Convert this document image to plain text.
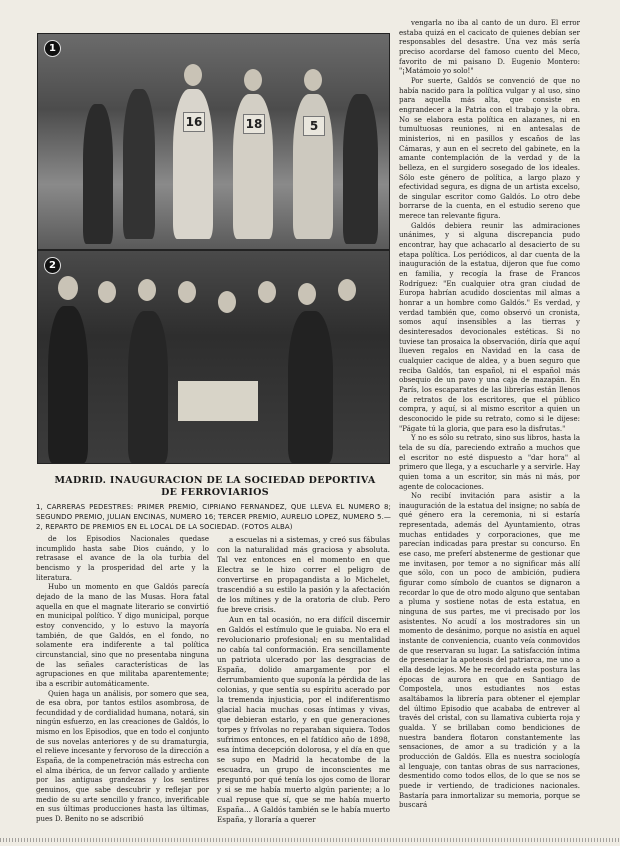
1
16	18	5
2
MADRID. INAUGURACION DE LA SOCIEDAD DEPORTIVA DE FERROVIARIOS
1, CARRERAS PEDESTRES: PRIMER PREMIO, CIPRIANO FERNANDEZ, QUE LLEVA EL NUMERO 8; SEGUNDO PREMIO, JULIAN ENCINAS, NUMERO 16; TERCER PREMIO, AURELIO LOPEZ, NUMERO 5.—2, REPARTO DE PREMIOS EN EL LOCAL DE LA SOCIEDAD. (FOTOS ALBA)

de los Episodios Nacionales quedase incumplido hasta sabe Dios cuándo, y lo retrasase el avance de la ola turbia del bencismo y la prosperidad del arte y la literatura.

Hubo un momento en que Galdós parecía dejado de la mano de las Musas. Hora fatal aquella en que el magnate literario se convirtió en municipal político. Y digo municipal, porque estoy convencido, y lo estuvo la mayoría también, de que Galdós, en el fondo, no solamente era indiferente a tal política circunstancial, sino que no presentaba ninguna de las señales características de las agrupaciones en que militaba aparentemente; iba a escribir automáticamente.

Quien haga un análisis, por somero que sea, de esa obra, por tantos estilos asombrosa, de fecundidad y de cordialidad humana, notará, sin ningún esfuerzo, en las creaciones de Galdós, lo mismo en los Episodios, que en todo el conjunto de sus novelas anteriores y de su dramaturgia, el relieve incesante y fervoroso de la dirección a España, de la compenetración más estrecha con el alma ibérica, de un fervor callado y ardiente por las antiguas grandezas y los sentires genuinos, que sabe descubrir y reflejar por medio de su arte sencillo y franco, inverificable en sus últimas producciones hasta las últimas, pues D. Benito no se adscribió

a escuelas ni a sistemas, y creó sus fábulas con la naturalidad más graciosa y absoluta. Tal vez entonces en el momento en que Electra se le hizo correr el peligro de convertirse en propagandista a lo Michelet, trascendió a su estilo la pasión y la afectación de los mítines y de la oratoria de club. Pero fue breve crisis.

Aun en tal ocasión, no era difícil discernir en Galdós el estímulo que le guiaba. No era el revolucionario profesional; en su mentalidad no cabía tal conformación. Era sencillamente un patriota ulcerado por las desgracias de España, dolido amargamente por el derrumbamiento que suponía la pérdida de las colonias, y que sentía su espíritu acerado por la tremenda injusticia, por el indiferentismo glacial hacia muchas cosas íntimas y vivas, que debieran estarlo, y en que generaciones torpes y frívolas no reparaban siquiera. Todos sufrimos entonces, en el fatídico año de 1898, esa íntima decepción dolorosa, y el día en que se supo en Madrid la hecatombe de la escuadra, un grupo de inconscientes me preguntó por qué tenía los ojos como de llorar y si se me había muerto algún pariente; a lo cual repuse que sí, que se me había muerto España... A Galdós también se le había muerto España, y lloraría a querer

vengarla no iba al canto de un duro. El error estaba quizá en el cacicato de quienes debían ser responsables del desastre. Una vez más sería preciso acordarse del famoso cuento del Meco, favorito de mi paisano D. Eugenio Montero: "¡Matámoio yo solo!"

Por suerte, Galdós se convenció de que no había nacido para la política vulgar y al uso, sino para aquella más alta, que consiste en engrandecer a la Patria con el trabajo y la obra. No se elabora esta política en alazanes, ni en tumultuosas reuniones, ni en antesalas de ministerios, ni en pasillos y escaños de las Cámaras, y aun en el secreto del gabinete, en la amante contemplación de la verdad y de la belleza, en el surgidero sosegado de los ideales. Sólo este género de política, a largo plazo y efectividad segura, es digna de un artista excelso, de singular escritor como Galdós. Lo otro debe borrarse de la cuenta, en el estudio sereno que merece tan relevante figura.

Galdós debiera reunir las admiraciones unánimes, y si alguna discrepancia pudo encontrar, hay que achacarlo al desacierto de su etapa política. Los periódicos, al dar cuenta de la inauguración de la estatua, dijeron que fue como en familia, y recogía la frase de Francos Rodríguez: "En cualquier otra gran ciudad de Europa habrían acudido doscientas mil almas a honrar a un hombre como Galdós." Es verdad, y verdad también que, como observó un cronista, somos aquí insensibles a las tierras y desinteresados devocionales estéticas. Si no tuviese tan prosaica la observación, diría que aquí llueven regalos en Navidad en la casa de cualquier cacique de aldea, y a buen seguro que reciba Galdós, tan español, ni el español más obsequio de un pavo y una caja de mazapán. En París, los escaparates de las librerías están llenos de retratos de los escritores, que el público compra, y aquí, si al mismo escritor a quien un desconocido le pide su retrato, como si le dijese: "Págate tú la gloria, que para eso la disfrutas."

Y no es sólo su retrato, sino sus libros, hasta la tela de su día, pareciendo extraño a muchos que el escritor no esté dispuesto a "dar hora" al primero que llega, y a escucharle y a servirle. Hay quien toma a un escritor, sin más ni más, por agente de colocaciones.

No recibí invitación para asistir a la inauguración de la estatua del insigne; no sabía de qué género era la ceremonia, ni si estaría representada, además del Ayuntamiento, otras muchas entidades y corporaciones, que me parecían indicadas para prestar su concurso. En ese caso, me preferí abstenerme de gestionar que me invitasen, por temor a no significar más allí que sólo, con un poco de ambición, pudiera figurar como símbolo de cuantos se dignaron a recordar lo que de otro modo alguno que sentaban a pluma y sostiene notas de esta estatua, en ninguna de sus partes, me vi precisado por los asistentes. No acudí a los mostradores sin un momento de desánimo, porque no asistía en aquel instante de conveniencia, cuanto veía conmovidos de que reservaran su lugar. La satisfacción íntima de presenciar la apoteosis del patriarca, me uno a ella desde lejos. Me he recordado esta postura las épocas de aurora en que en Santiago de Compostela, unos estudiantes nos estas asaltábamos la librería para obtener el ejemplar del último Episodio que acababa de entrever al través del cristal, con su llamativa cubierta roja y gualda. Y se brillaban como bendiciones de nuestra bandera flotaron constantemente las sensaciones, de amor a su tradición y a la producción de Galdós. Ella es nuestra sociología al lenguaje, con tantas obras de sus narraciones, desmentido como todos ellos, de lo que se nos se puede ir vertiendo, de tradiciones nacionales. Bastaría para inmortalizar su memoria, porque se buscará
